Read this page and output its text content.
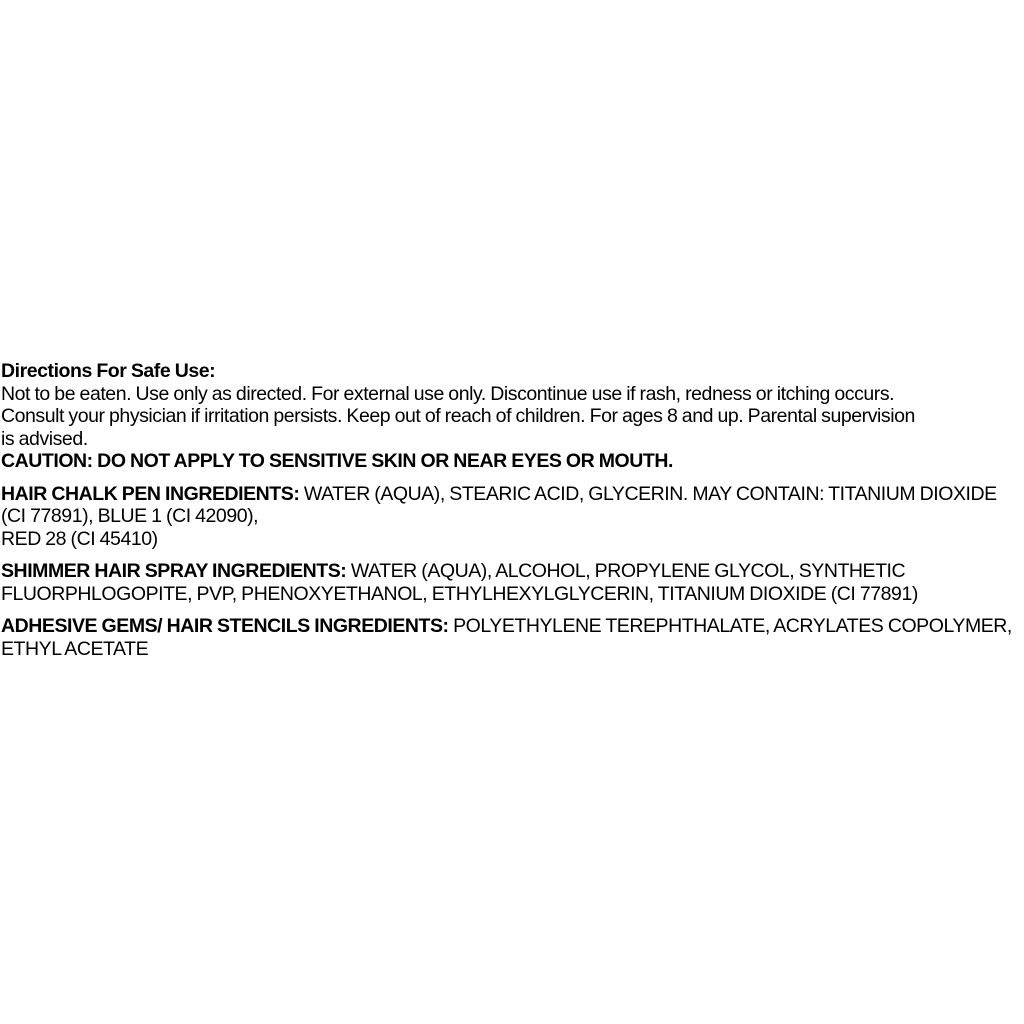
Directions For Safe Use:
Not to be eaten. Use only as directed. For external use only. Discontinue use if rash, redness or itching occurs.
Consult your physician if irritation persists. Keep out of reach of children. For ages 8 and up. Parental supervision
is advised.
CAUTION: DO NOT APPLY TO SENSITIVE SKIN OR NEAR EYES OR MOUTH.
HAIR CHALK PEN INGREDIENTS: WATER (AQUA), STEARIC ACID, GLYCERIN. MAY CONTAIN: TITANIUM DIOXIDE
(CI 77891), BLUE 1 (CI 42090),
RED 28 (CI 45410)
SHIMMER HAIR SPRAY INGREDIENTS: WATER (AQUA), ALCOHOL, PROPYLENE GLYCOL, SYNTHETIC
FLUORPHLOGOPITE, PVP, PHENOXYETHANOL, ETHYLHEXYLGLYCERIN, TITANIUM DIOXIDE (CI 77891)
ADHESIVE GEMS/ HAIR STENCILS INGREDIENTS: POLYETHYLENE TEREPHTHALATE, ACRYLATES COPOLYMER,
ETHYL ACETATE
